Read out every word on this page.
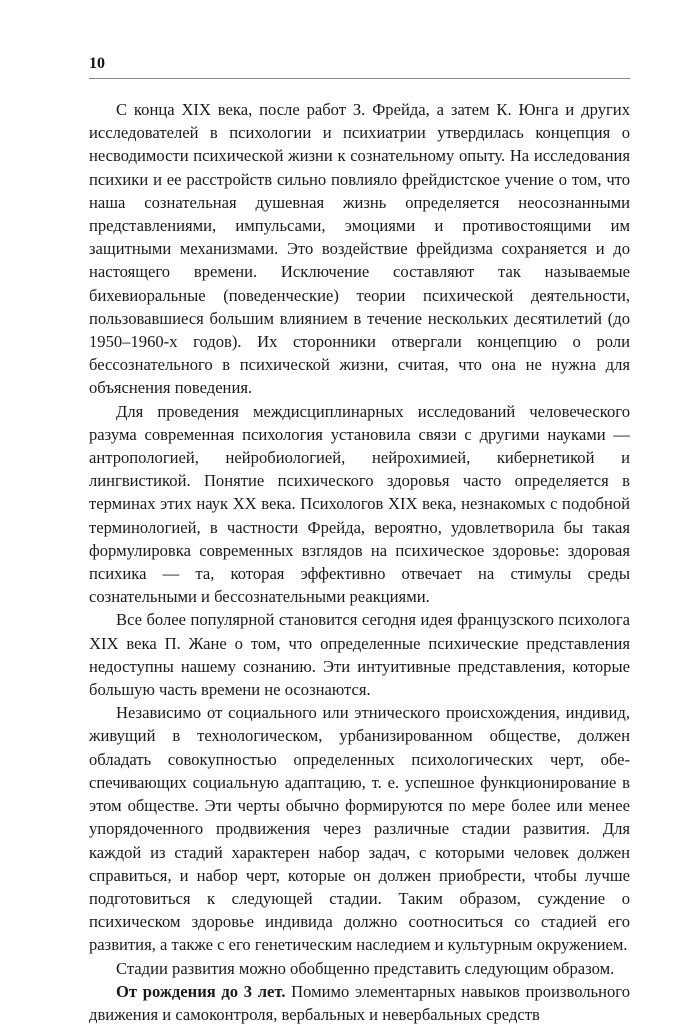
10

С конца XIX века, после работ З. Фрейда, а затем К. Юнга и других исследователей в психологии и психиатрии утвердилась концепция о несводимости психической жизни к сознательному опыту. На исследования психики и ее расстройств сильно повлияло фрейдистское учение о том, что наша сознательная душевная жизнь определяется неосознанными представлениями, импульсами, эмоциями и противостоящими им защитными механизмами. Это воздействие фрейдизма сохраняется и до настоящего времени. Исключение составляют так называемые бихевиоральные (поведенческие) теории психической деятельности, пользовавшиеся большим влиянием в течение нескольких десятилетий (до 1950–1960-х годов). Их сторонники отвергали концепцию о роли бессознательного в психической жизни, считая, что она не нужна для объяснения поведения.

Для проведения междисциплинарных исследований человеческого разума современная психология установила связи с другими науками — антропологией, нейробиологией, нейрохимией, кибернетикой и лингвистикой. Понятие психического здоровья часто определяется в терминах этих наук XX века. Психологов XIX века, незнакомых с подобной терминологией, в частности Фрейда, вероятно, удовлетворила бы такая формулировка современных взглядов на психическое здоровье: здоровая психика — та, которая эффективно отвечает на стимулы среды сознательными и бессознательными реакциями.

Все более популярной становится сегодня идея французского психолога XIX века П. Жане о том, что определенные психические представления недоступны нашему сознанию. Эти интуитивные представления, которые большую часть времени не осознаются.

Независимо от социального или этнического происхождения, индивид, живущий в технологическом, урбанизированном обществе, должен обладать совокупностью определенных психологических черт, обеспечивающих социальную адаптацию, т. е. успешное функционирование в этом обществе. Эти черты обычно формируются по мере более или менее упорядоченного продвижения через различные стадии развития. Для каждой из стадий характерен набор задач, с которыми человек должен справиться, и набор черт, которые он должен приобрести, чтобы лучше подготовиться к следующей стадии. Таким образом, суждение о психическом здоровье индивида должно соотноситься со стадией его развития, а также с его генетическим наследием и культурным окружением.

Стадии развития можно обобщенно представить следующим образом.

От рождения до 3 лет. Помимо элементарных навыков произвольного движения и самоконтроля, вербальных и невербальных средств
